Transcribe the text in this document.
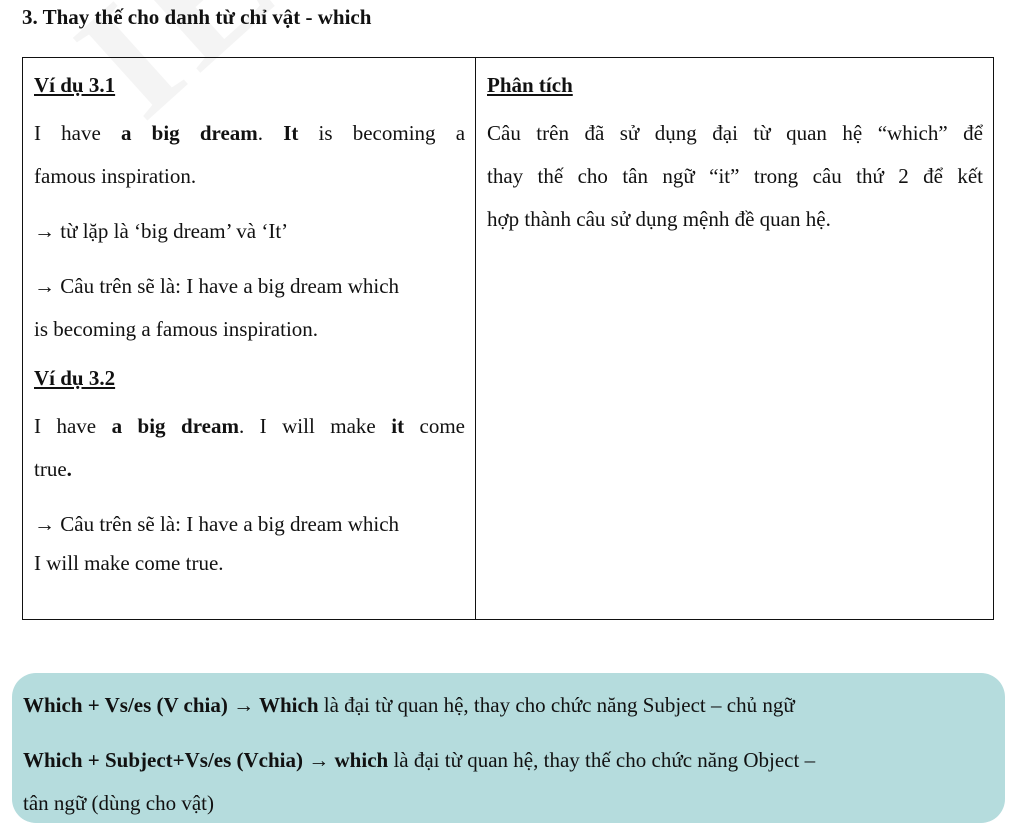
3. Thay thế cho danh từ chỉ vật - which
Ví dụ 3.1
I have a big dream. It is becoming a
famous inspiration.
→ từ lặp là ‘big dream’ và ‘It’
→ Câu trên sẽ là: I have a big dream which
is becoming a famous inspiration.
Ví dụ 3.2
I have a big dream. I will make it come
true.
→ Câu trên sẽ là: I have a big dream which
I will make come true.
Phân tích
Câu trên đã sử dụng đại từ quan hệ “which” để
thay thế cho tân ngữ “it” trong câu thứ 2 để kết
hợp thành câu sử dụng mệnh đề quan hệ.
Which + Vs/es (V chia) → Which là đại từ quan hệ, thay cho chức năng Subject – chủ ngữ
Which + Subject+Vs/es (Vchia) → which là đại từ quan hệ, thay thế cho chức năng Object –
tân ngữ (dùng cho vật)
